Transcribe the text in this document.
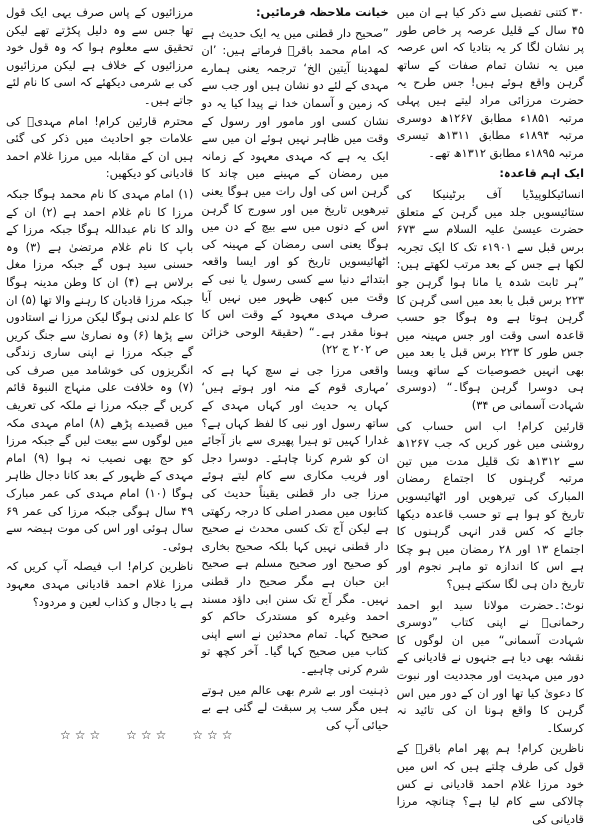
۳۰ کتنی تفصیل سے ذکر کیا ہے ان میں ۴۵ سال کے قلیل عرصہ پر خاص طور پر نشان لگا کر یہ بتادیا کہ اس عرصہ میں یہ نشان تمام صفات کے ساتھ گرہن واقع ہوئے ہیں! جس طرح یہ حضرت مرزائی مراد لیتے ہیں پہلی مرتبہ ۱۸۵۱ء مطابق ۱۲۶۷ھ دوسری مرتبہ ۱۸۹۴ء مطابق ۱۳۱۱ھ تیسری مرتبہ ۱۸۹۵ء مطابق ۱۳۱۲ھ تھے۔

ایک اہم قاعدہ:

انسائیکلوپیڈیا آف برٹینیکا کی ستائیسویں جلد میں گرہن کے متعلق حضرت عیسیٰ علیہ السلام سے ۶۷۳ برس قبل سے ۱۹۰۱ء تک کا ایک تجربہ لکھا ہے جس کے بعد مرتب لکھتے ہیں: ”ہر ثابت شدہ یا مانا ہوا گرہن جو ۲۲۳ برس قبل یا بعد میں اسی گرہن کا گرہن ہوتا ہے وہ ہوگا جو حسب قاعدہ اسی وقت اور جس مہینہ میں جس طور کا ۲۲۳ برس قبل یا بعد میں بھی انہیں خصوصیات کے ساتھ ویسا ہی دوسرا گرہن ہوگا۔“ (دوسری شہادت آسمانی ص ۳۴)

قارئین کرام! اب اس حساب کی روشنی میں غور کریں کہ جب ۱۲۶۷ھ سے ۱۳۱۲ھ تک قلیل مدت میں تین مرتبہ گرہنوں کا اجتماع رمضان المبارک کی تیرھویں اور اٹھائیسویں تاریخ کو ہوا ہے تو حسب قاعدہ دیکھا جائے کہ کس قدر انہی گرہنوں کا اجتماع ۱۳ اور ۲۸ رمضان میں ہو چکا ہے اس کا اندازہ تو ماہر نجوم اور تاریخ دان ہی لگا سکتے ہیں؟

نوٹ:۔حضرت مولانا سید ابو احمد رحمانیؒ نے اپنی کتاب ”دوسری شہادت آسمانی“ میں ان لوگوں کا نقشہ بھی دیا ہے جنہوں نے قادیانی کے دور میں مہدیت اور مجددیت اور نبوت کا دعویٰ کیا تھا اور ان کے دور میں اس گرہن کا واقع ہونا ان کی تائید نہ کرسکا۔

ناظرین کرام! ہم پھر امام باقرؒ کے قول کی طرف چلتے ہیں کہ اس میں خود مرزا غلام احمد قادیانی نے کس چالاکی سے کام لیا ہے؟ چنانچہ مرزا قادیانی کی

خیانت ملاحظہ فرمائیں:

”صحیح دار قطنی میں یہ ایک حدیث ہے کہ امام محمد باقرؒ فرماتے ہیں: ’ان لمھدینا آیتین الخ‘ ترجمہ یعنی ہمارے مہدی کے لئے دو نشان ہیں اور جب سے کہ زمین و آسمان خدا نے پیدا کیا یہ دو نشان کسی اور مامور اور رسول کے وقت میں ظاہر نہیں ہوئے ان میں سے ایک یہ ہے کہ مہدی معہود کے زمانہ میں رمضان کے مہینے میں چاند کا گرہن اس کی اول رات میں ہوگا یعنی تیرھویں تاریخ میں اور سورج کا گرہن اس کے دنوں میں سے بیچ کے دن میں ہوگا یعنی اسی رمضان کے مہینہ کی اٹھائیسویں تاریخ کو اور ایسا واقعہ ابتدائے دنیا سے کسی رسول یا نبی کے وقت میں کبھی ظہور میں نہیں آیا صرف مہدی معہود کے وقت اس کا ہونا مقدر ہے۔“ (حقیقۃ الوحی خزائن ص ۲۰۲ ج ۲۲)

واقعی مرزا جی نے سچ کہا ہے کہ ’مہاری قوم کے منہ اور ہوتے ہیں‘ کہاں یہ حدیث اور کہاں مہدی کے ساتھ رسول اور نبی کا لفظ کہاں ہے؟ غدارا کہیں تو ہیرا پھیری سے باز آجائے ان کو شرم کرنا چاہئے۔ دوسرا دجل اور فریب مکاری سے کام لیتے ہوئے مرزا جی دار قطنی یقیناً حدیث کی کتابوں میں مصدر اصلی کا درجہ رکھتی ہے لیکن آج تک کسی محدث نے صحیح دار قطنی نہیں کہا بلکہ صحیح بخاری کو صحیح اور صحیح مسلم ہے صحیح ابن حبان ہے مگر صحیح دار قطنی نہیں۔ مگر آج تک سنن ابی داؤد مسند احمد وغیرہ کو مستدرک حاکم کو صحیح کہا۔ تمام محدثین نے اسے اپنی کتاب میں صحیح کہا گیا۔ آخر کچھ تو شرم کرنی چاہیے۔

ذہنیت اور بے شرم بھی عالم میں ہوتے ہیں مگر سب پر سبقت لے گئی ہے بے حیائی آپ کی

مرزائیوں کے پاس صرف یہی ایک قول تھا جس سے وہ دلیل پکڑتے تھے لیکن تحقیق سے معلوم ہوا کہ وہ قول خود مرزائیوں کے خلاف ہے لیکن مرزائیوں کی بے شرمی دیکھئے کہ اسی کا نام لئے جاتے ہیں۔

محترم قارئین کرام! امام مہدیؒ کی علامات جو احادیث میں ذکر کی گئی ہیں ان کے مقابلہ میں مرزا غلام احمد قادیانی کو دیکھیں:

(۱) امام مہدی کا نام محمد ہوگا جبکہ مرزا کا نام غلام احمد ہے (۲) ان کے والد کا نام عبداللہ ہوگا جبکہ مرزا کے باپ کا نام غلام مرتضیٰ ہے (۳) وہ حسنی سید ہوں گے جبکہ مرزا مغل برلاس ہے (۴) ان کا وطن مدینہ ہوگا جبکہ مرزا قادیان کا رہنے والا تھا (۵) ان کا علم لدنی ہوگا لیکن مرزا نے استادوں سے پڑھا (۶) وہ نصاریٰ سے جنگ کریں گے جبکہ مرزا نے اپنی ساری زندگی انگریزوں کی خوشامد میں صرف کی (۷) وہ خلافت علی منہاج النبوۃ قائم کریں گے جبکہ مرزا نے ملکہ کی تعریف میں قصیدے پڑھے (۸) امام مہدی مکہ میں لوگوں سے بیعت لیں گے جبکہ مرزا کو حج بھی نصیب نہ ہوا (۹) امام مہدی کے ظہور کے بعد کانا دجال ظاہر ہوگا (۱۰) امام مہدی کی عمر مبارک ۴۹ سال ہوگی جبکہ مرزا کی عمر ۶۹ سال ہوئی اور اس کی موت ہیضہ سے ہوئی۔

ناظرین کرام! اب فیصلہ آپ کریں کہ مرزا غلام احمد قادیانی مہدی معہود ہے یا دجال و کذاب لعین و مردود؟

☆☆☆ ☆☆☆ ☆☆☆
